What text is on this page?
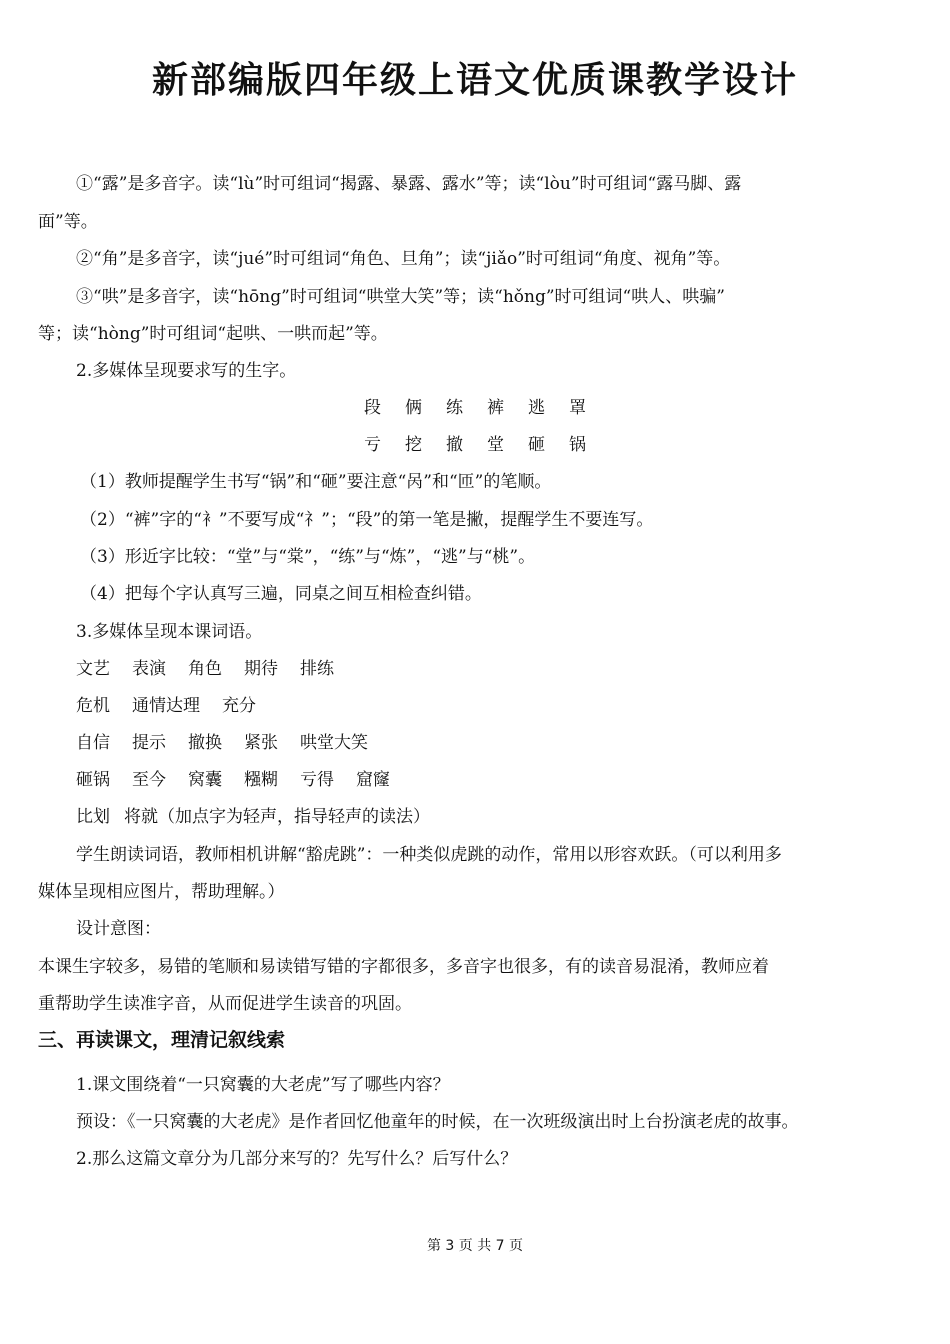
新部编版四年级上语文优质课教学设计
①“露”是多音字。读“lù”时可组词“揭露、暴露、露水”等；读“lòu”时可组词“露马脚、露
面”等。
②“角”是多音字，读“jué”时可组词“角色、旦角”；读“jiǎo”时可组词“角度、视角”等。
③“哄”是多音字，读“hōng”时可组词“哄堂大笑”等；读“hǒng”时可组词“哄人、哄骗”
等；读“hòng”时可组词“起哄、一哄而起”等。
2.多媒体呈现要求写的生字。
段 俩 练 裤 逃 罩
亏 挖 撤 堂 砸 锅
（1）教师提醒学生书写“锅”和“砸”要注意“呙”和“匝”的笔顺。
（2）“裤”字的“衤”不要写成“礻”；“段”的第一笔是撇，提醒学生不要连写。
（3）形近字比较：“堂”与“棠”，“练”与“炼”，“逃”与“桃”。
（4）把每个字认真写三遍，同桌之间互相检查纠错。
3.多媒体呈现本课词语。
文艺 表演 角色 期待 排练
危机 通情达理 充分
自信 提示 撤换 紧张 哄堂大笑
砸锅 至今 窝囊 糨糊 亏得 窟窿
比划 将就（加点字为轻声，指导轻声的读法）
学生朗读词语，教师相机讲解“豁虎跳”：一种类似虎跳的动作，常用以形容欢跃。（可以利用多
媒体呈现相应图片，帮助理解。）
设计意图：
本课生字较多，易错的笔顺和易读错写错的字都很多，多音字也很多，有的读音易混淆，教师应着
重帮助学生读准字音，从而促进学生读音的巩固。
三、再读课文，理清记叙线索
1.课文围绕着“一只窝囊的大老虎”写了哪些内容？
预设：《一只窝囊的大老虎》是作者回忆他童年的时候，在一次班级演出时上台扮演老虎的故事。
2.那么这篇文章分为几部分来写的？先写什么？后写什么？
第 3 页 共 7 页
